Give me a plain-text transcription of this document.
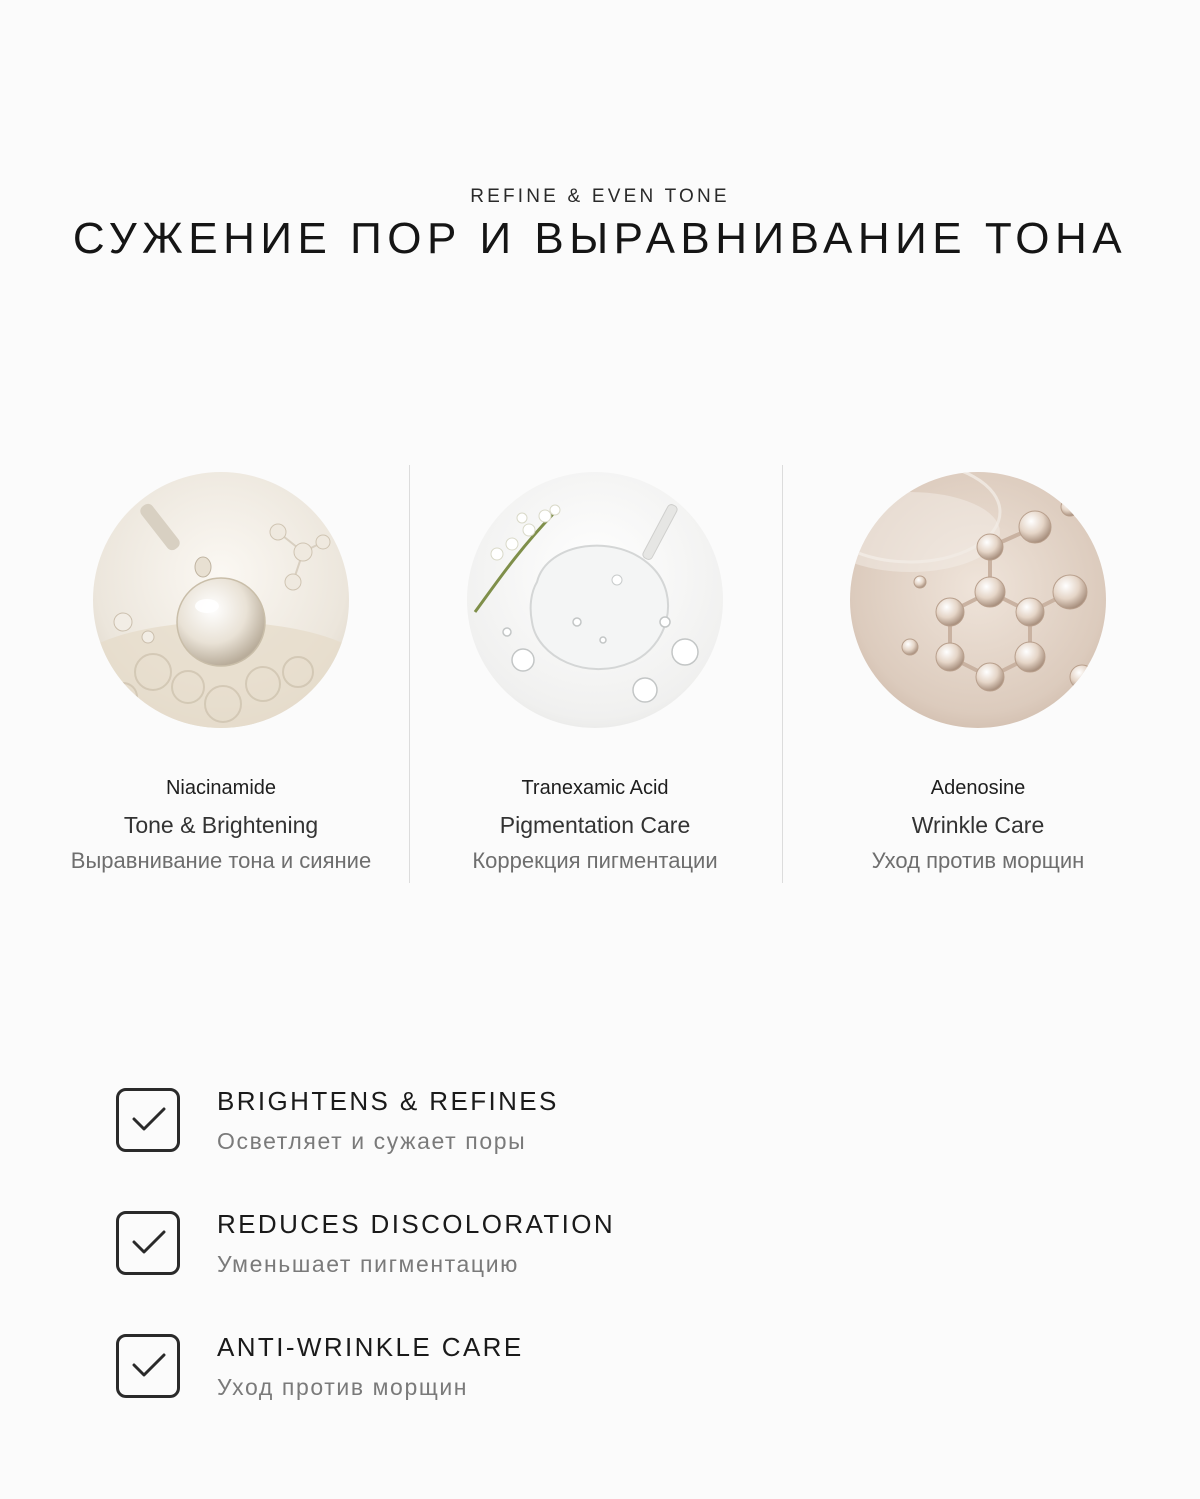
REFINE & EVEN TONE
СУЖЕНИЕ ПОР И ВЫРАВНИВАНИЕ ТОНА
Niacinamide
Tone & Brightening
Выравнивание тона и сияние
Tranexamic Acid
Pigmentation Care
Коррекция пигментации
Adenosine
Wrinkle Care
Уход против морщин
BRIGHTENS & REFINES
Осветляет и сужает поры
REDUCES DISCOLORATION
Уменьшает пигментацию
ANTI-WRINKLE CARE
Уход против морщин
